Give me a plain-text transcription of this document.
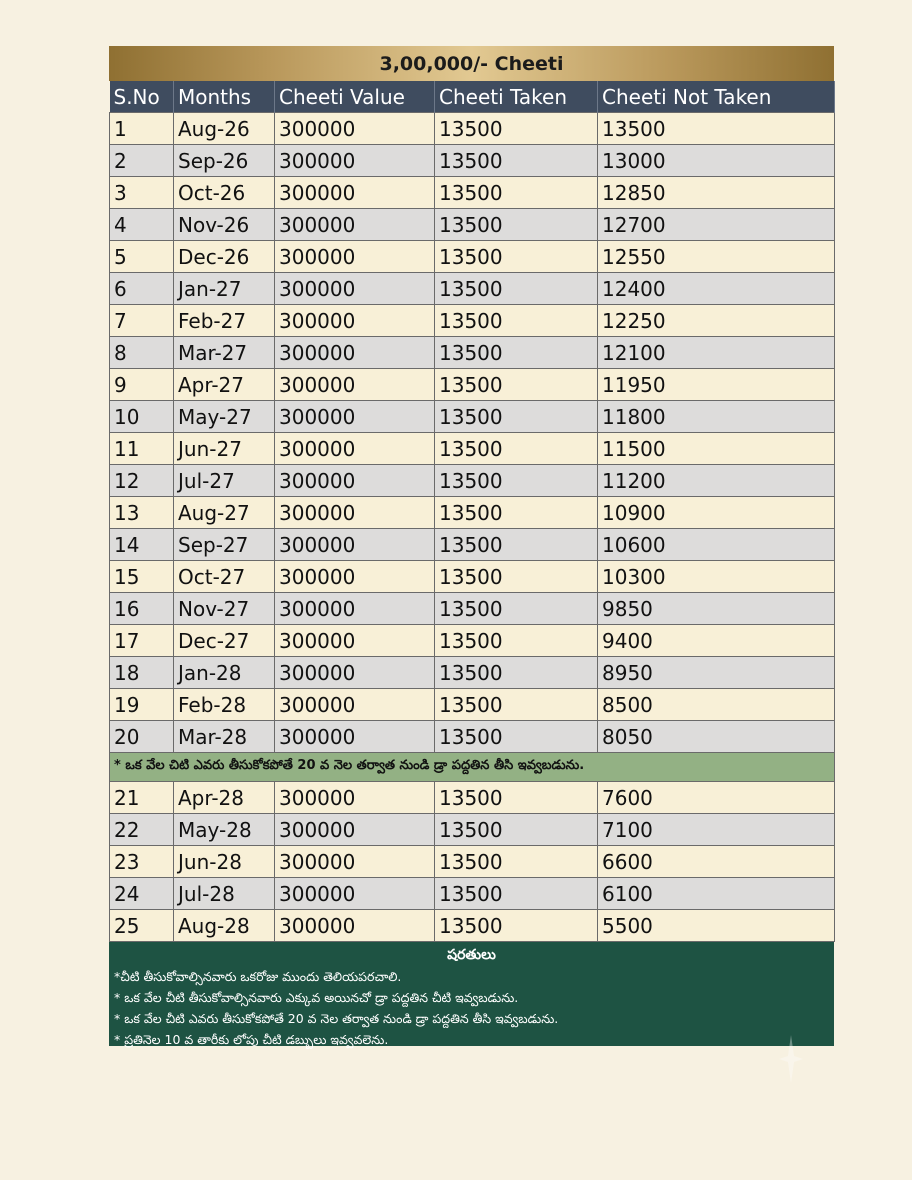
3,00,000/- Cheeti
S.No	Months	Cheeti Value	Cheeti Taken	Cheeti Not Taken
1	Aug-26	300000	13500	13500
2	Sep-26	300000	13500	13000
3	Oct-26	300000	13500	12850
4	Nov-26	300000	13500	12700
5	Dec-26	300000	13500	12550
6	Jan-27	300000	13500	12400
7	Feb-27	300000	13500	12250
8	Mar-27	300000	13500	12100
9	Apr-27	300000	13500	11950
10	May-27	300000	13500	11800
11	Jun-27	300000	13500	11500
12	Jul-27	300000	13500	11200
13	Aug-27	300000	13500	10900
14	Sep-27	300000	13500	10600
15	Oct-27	300000	13500	10300
16	Nov-27	300000	13500	9850
17	Dec-27	300000	13500	9400
18	Jan-28	300000	13500	8950
19	Feb-28	300000	13500	8500
20	Mar-28	300000	13500	8050
* ఒక వేల చిటి ఎవరు తీసుకోకపోతే 20 వ నెల తర్వాత నుండి డ్రా పద్దతిన తీసి ఇవ్వబడును.				
21	Apr-28	300000	13500	7600
22	May-28	300000	13500	7100
23	Jun-28	300000	13500	6600
24	Jul-28	300000	13500	6100
25	Aug-28	300000	13500	5500
షరతులు
*చీటి తీసుకోవాల్సినవారు ఒకరోజు ముందు తెలియపరచాలి.
* ఒక వేల చీటి తీసుకోవాల్సినవారు ఎక్కువ అయినచో డ్రా పద్దతిన చీటి ఇవ్వబడును.
* ఒక వేల చీటి ఎవరు తీసుకోకపోతే 20 వ నెల తర్వాత నుండి డ్రా పద్దతిన తీసి ఇవ్వబడును.
* ప్రతినెల 10 వ తారీకు లోపు చీటి డబ్బులు ఇవ్వవలెను.
